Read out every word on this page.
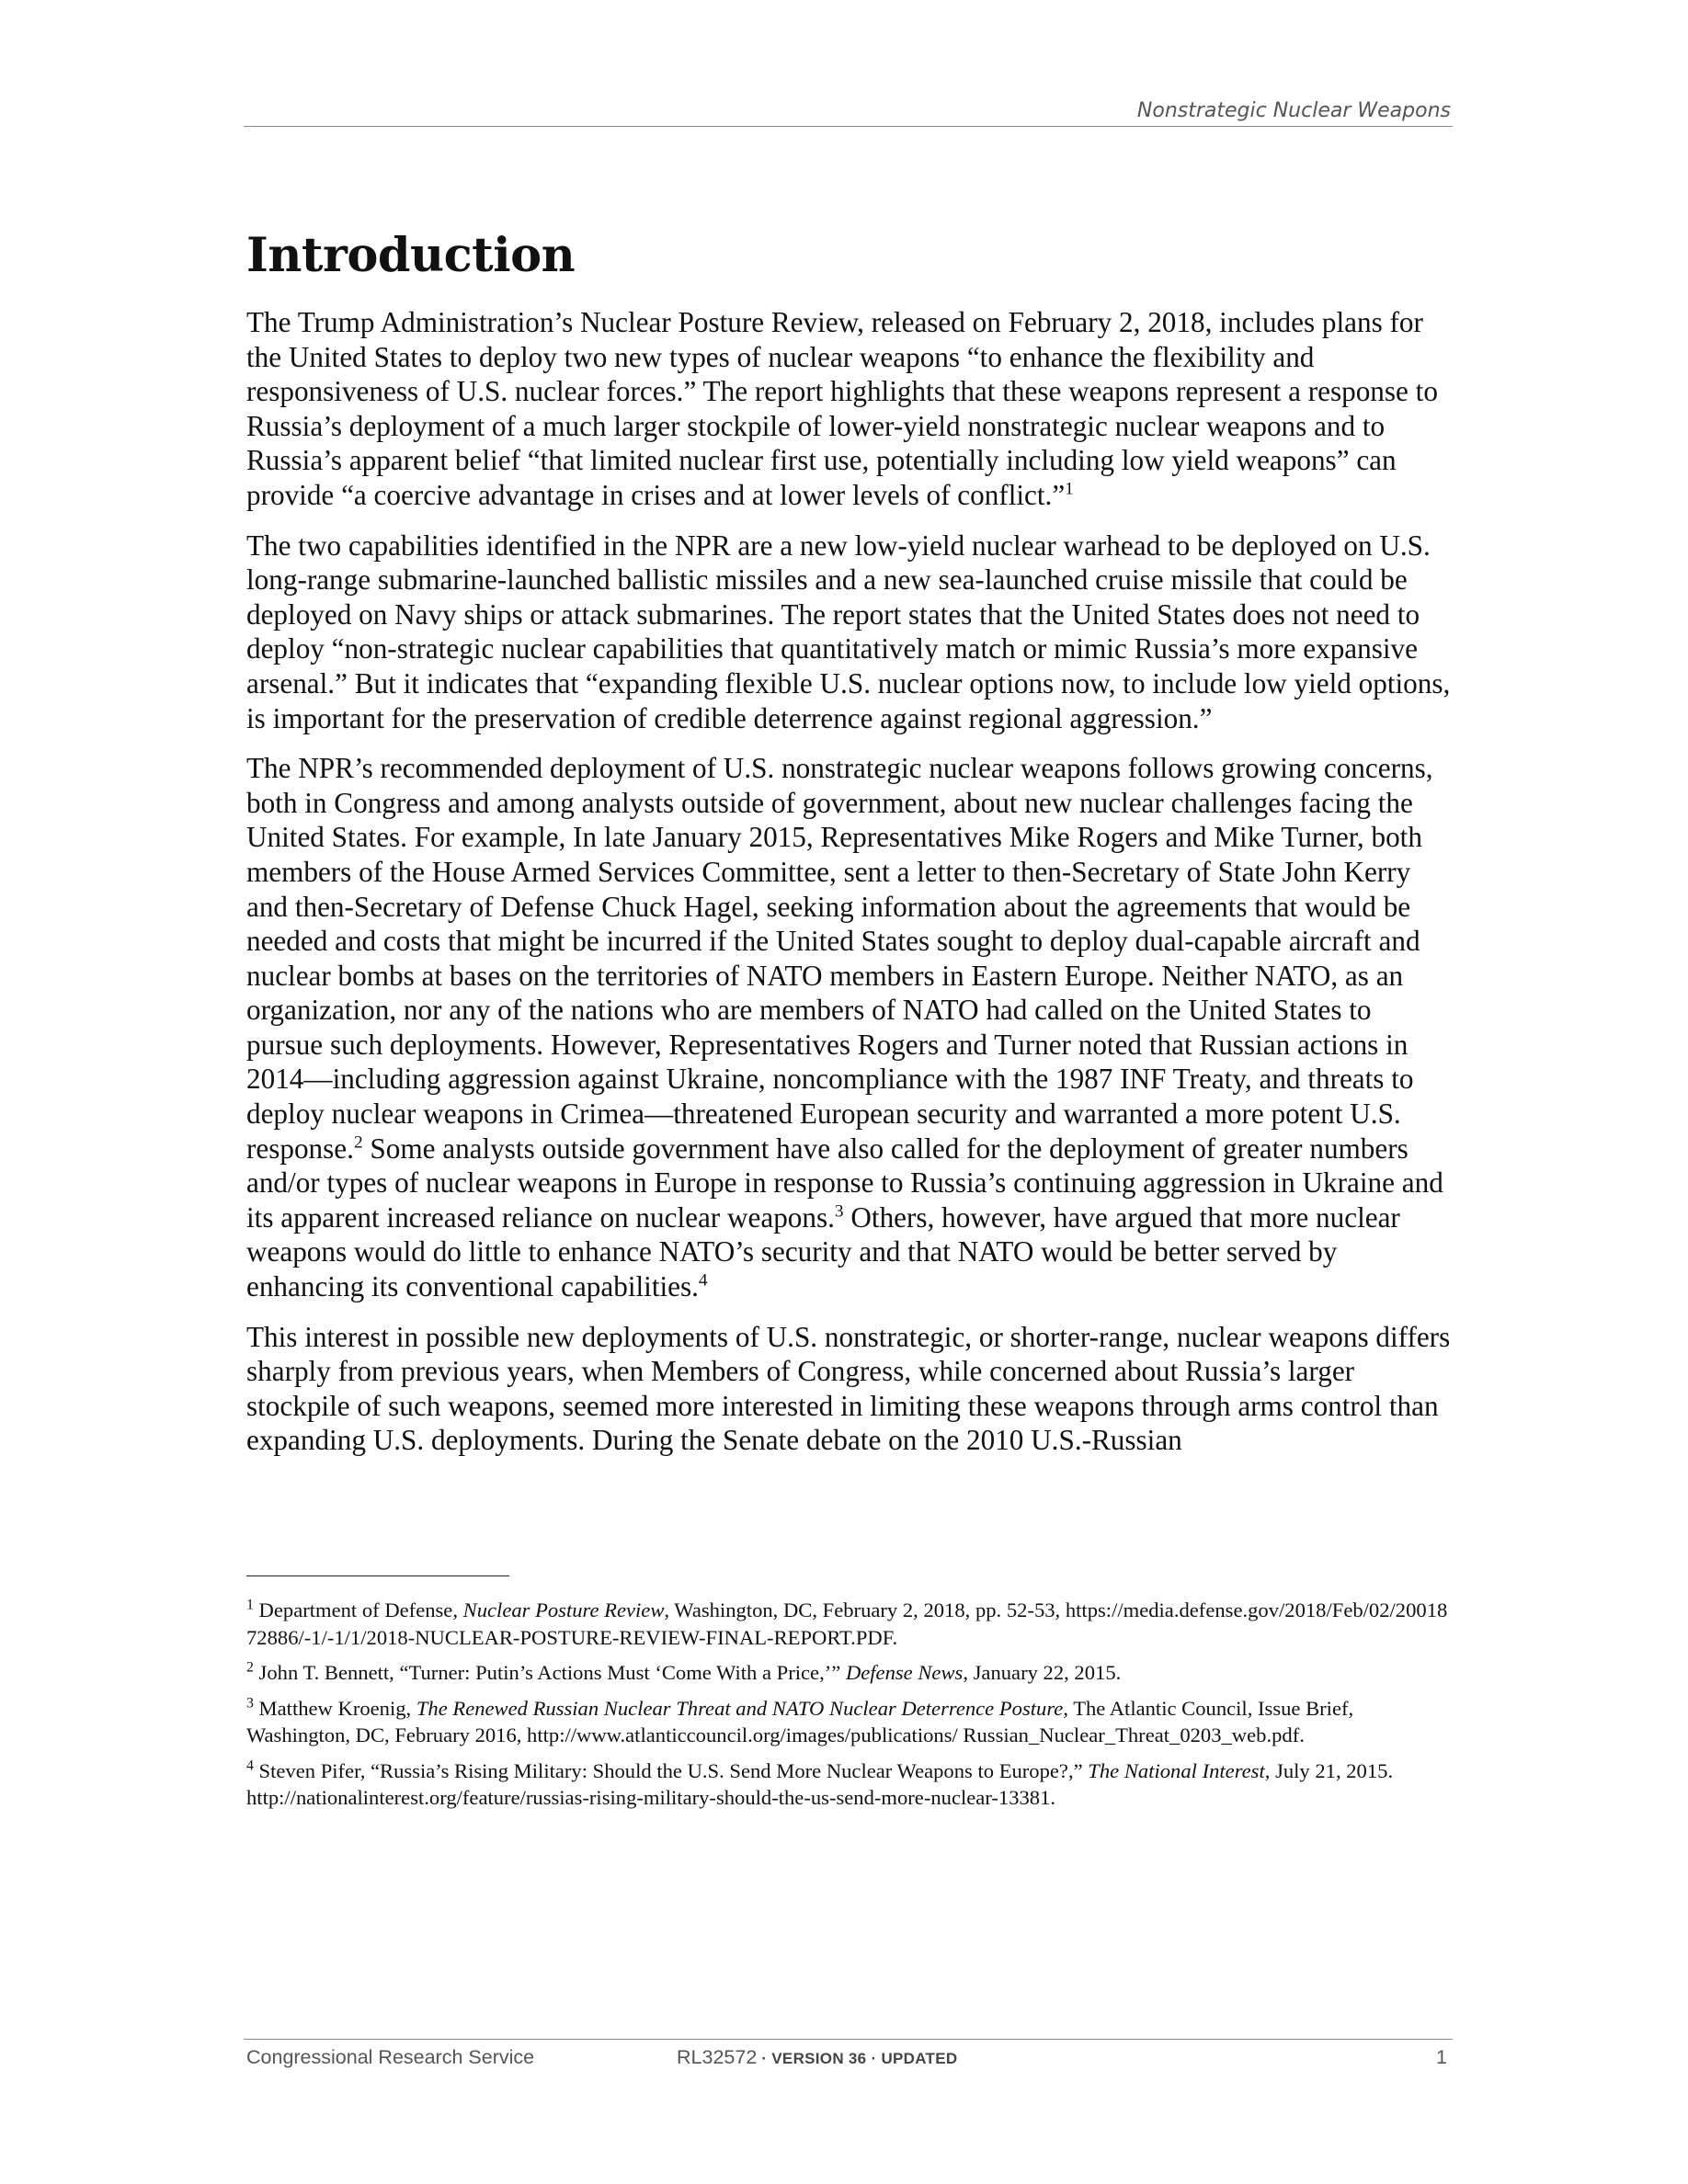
Nonstrategic Nuclear Weapons
Introduction

The Trump Administration’s Nuclear Posture Review, released on February 2, 2018, includes plans for the United States to deploy two new types of nuclear weapons “to enhance the flexibility and responsiveness of U.S. nuclear forces.” The report highlights that these weapons represent a response to Russia’s deployment of a much larger stockpile of lower-yield nonstrategic nuclear weapons and to Russia’s apparent belief “that limited nuclear first use, potentially including low yield weapons” can provide “a coercive advantage in crises and at lower levels of conflict.”$^1$

The two capabilities identified in the NPR are a new low-yield nuclear warhead to be deployed on U.S. long-range submarine-launched ballistic missiles and a new sea-launched cruise missile that could be deployed on Navy ships or attack submarines. The report states that the United States does not need to deploy “non-strategic nuclear capabilities that quantitatively match or mimic Russia’s more expansive arsenal.” But it indicates that “expanding flexible U.S. nuclear options now, to include low yield options, is important for the preservation of credible deterrence against regional aggression.”

The NPR’s recommended deployment of U.S. nonstrategic nuclear weapons follows growing concerns, both in Congress and among analysts outside of government, about new nuclear challenges facing the United States. For example, In late January 2015, Representatives Mike Rogers and Mike Turner, both members of the House Armed Services Committee, sent a letter to then-Secretary of State John Kerry and then-Secretary of Defense Chuck Hagel, seeking information about the agreements that would be needed and costs that might be incurred if the United States sought to deploy dual-capable aircraft and nuclear bombs at bases on the territories of NATO members in Eastern Europe. Neither NATO, as an organization, nor any of the nations who are members of NATO had called on the United States to pursue such deployments. However, Representatives Rogers and Turner noted that Russian actions in 2014—including aggression against Ukraine, noncompliance with the 1987 INF Treaty, and threats to deploy nuclear weapons in Crimea—threatened European security and warranted a more potent U.S. response.$^2$ Some analysts outside government have also called for the deployment of greater numbers and/or types of nuclear weapons in Europe in response to Russia’s continuing aggression in Ukraine and its apparent increased reliance on nuclear weapons.$^3$ Others, however, have argued that more nuclear weapons would do little to enhance NATO’s security and that NATO would be better served by enhancing its conventional capabilities.$^4$

This interest in possible new deployments of U.S. nonstrategic, or shorter-range, nuclear weapons differs sharply from previous years, when Members of Congress, while concerned about Russia’s larger stockpile of such weapons, seemed more interested in limiting these weapons through arms control than expanding U.S. deployments. During the Senate debate on the 2010 U.S.-Russian

$^1$ Department of Defense, Nuclear Posture Review, Washington, DC, February 2, 2018, pp. 52-53, https://media.defense.gov/2018/Feb/02/2001872886/-1/-1/1/2018-NUCLEAR-POSTURE-REVIEW-FINAL-REPORT.PDF.

$^2$ John T. Bennett, “Turner: Putin’s Actions Must ‘Come With a Price,’” Defense News, January 22, 2015.

$^3$ Matthew Kroenig, The Renewed Russian Nuclear Threat and NATO Nuclear Deterrence Posture, The Atlantic Council, Issue Brief, Washington, DC, February 2016, http://www.atlanticcouncil.org/images/publications/ Russian_Nuclear_Threat_0203_web.pdf.

$^4$ Steven Pifer, “Russia’s Rising Military: Should the U.S. Send More Nuclear Weapons to Europe?,” The National Interest, July 21, 2015. http://nationalinterest.org/feature/russias-rising-military-should-the-us-send-more-nuclear-13381.

Congressional Research Service	RL32572 · VERSION 36 · UPDATED	1
